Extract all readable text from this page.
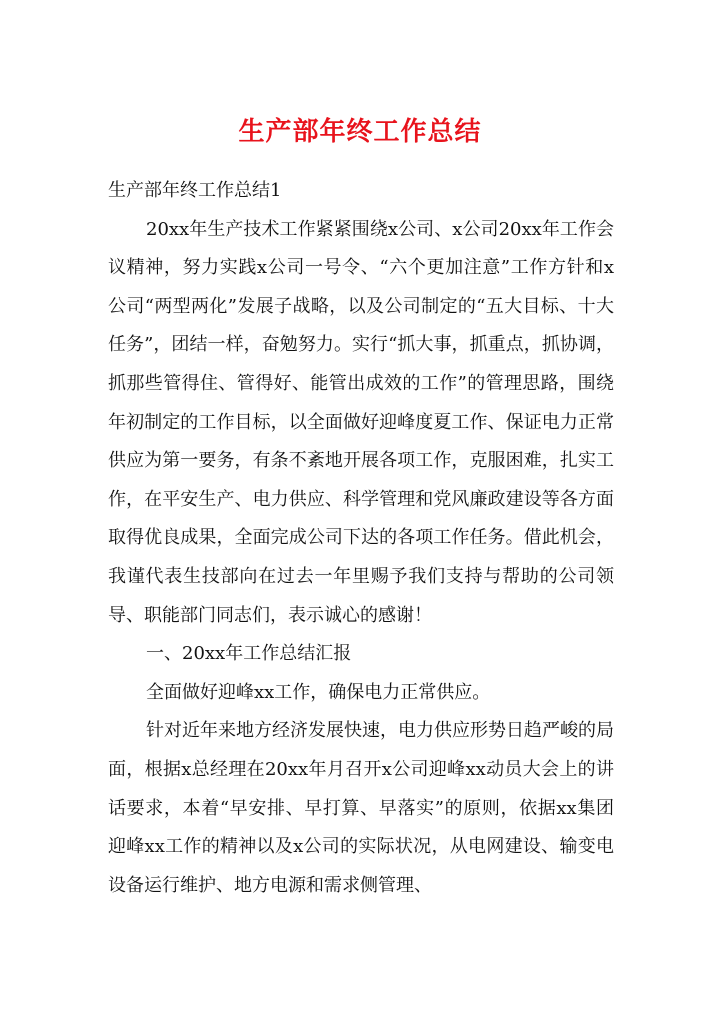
生产部年终工作总结

生产部年终工作总结1

20xx年生产技术工作紧紧围绕x公司、x公司20xx年工作会议精神，努力实践x公司一号令、“六个更加注意”工作方针和x公司“两型两化”发展子战略，以及公司制定的“五大目标、十大任务”，团结一样，奋勉努力。实行“抓大事，抓重点，抓协调，抓那些管得住、管得好、能管出成效的工作”的管理思路，围绕年初制定的工作目标，以全面做好迎峰度夏工作、保证电力正常供应为第一要务，有条不紊地开展各项工作，克服困难，扎实工作，在平安生产、电力供应、科学管理和党风廉政建设等各方面取得优良成果，全面完成公司下达的各项工作任务。借此机会，我谨代表生技部向在过去一年里赐予我们支持与帮助的公司领导、职能部门同志们，表示诚心的感谢！

一、20xx年工作总结汇报

全面做好迎峰xx工作，确保电力正常供应。

针对近年来地方经济发展快速，电力供应形势日趋严峻的局面，根据x总经理在20xx年月召开x公司迎峰xx动员大会上的讲话要求，本着“早安排、早打算、早落实”的原则，依据xx集团迎峰xx工作的精神以及x公司的实际状况，从电网建设、输变电设备运行维护、地方电源和需求侧管理、
